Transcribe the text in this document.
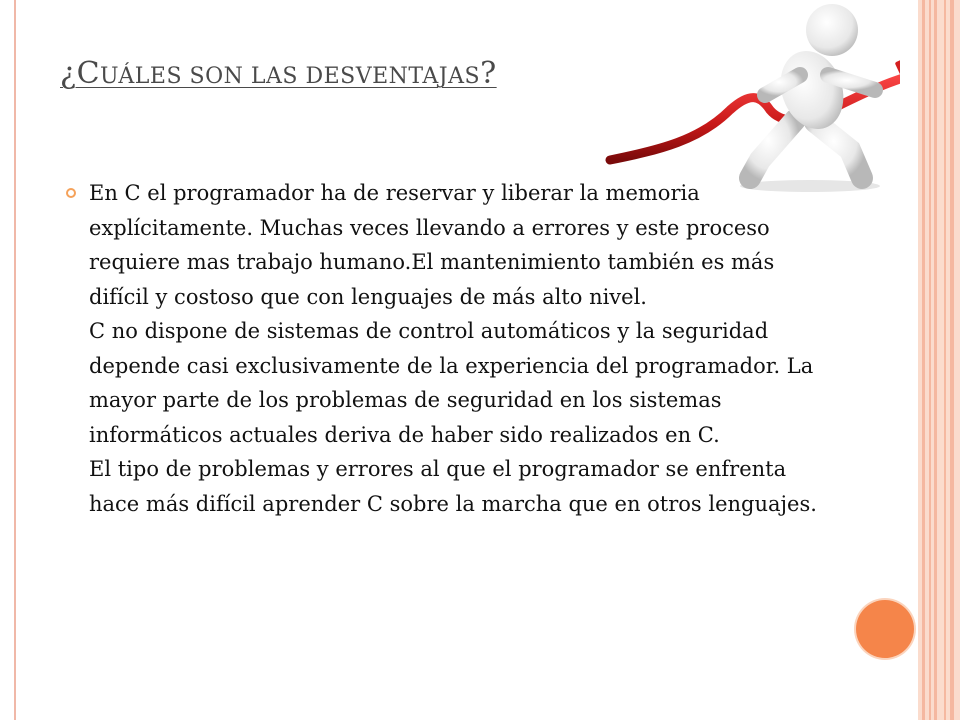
¿CUÁLES SON LAS DESVENTAJAS?

En C el programador ha de reservar y liberar la memoria explícitamente. Muchas veces llevando a errores y este proceso requiere mas trabajo humano.El mantenimiento también es más difícil y costoso que con lenguajes de más alto nivel.

C no dispone de sistemas de control automáticos y la seguridad depende casi exclusivamente de la experiencia del programador. La mayor parte de los problemas de seguridad en los sistemas informáticos actuales deriva de haber sido realizados en C.

El tipo de problemas y errores al que el programador se enfrenta hace más difícil aprender C sobre la marcha que en otros lenguajes.
